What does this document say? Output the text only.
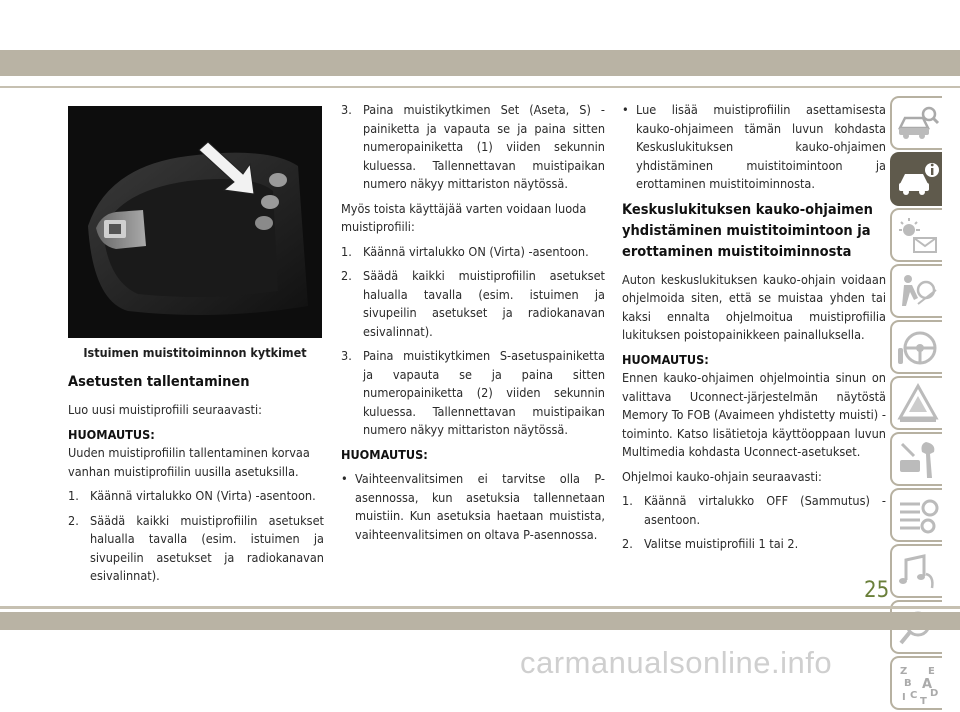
Istuimen muistitoiminnon kytkimet
Asetusten tallentaminen

Luo uusi muistiprofiili seuraavasti:

HUOMAUTUS:

Uuden muistiprofiilin tallentaminen korvaa vanhan muistiprofiilin uusilla asetuksilla.

1. Käännä virtalukko ON (Virta) -asentoon.
2. Säädä kaikki muistiprofiilin asetukset halualla tavalla (esim. istuimen ja sivupeilin asetukset ja radiokanavan esivalinnat).
3. Paina muistikytkimen Set (Aseta, S) -painiketta ja vapauta se ja paina sitten numeropainiketta (1) viiden sekunnin kuluessa. Tallennettavan muistipaikan numero näkyy mittariston näytössä.

Myös toista käyttäjää varten voidaan luoda muistiprofiili:

1. Käännä virtalukko ON (Virta) -asentoon.
2. Säädä kaikki muistiprofiilin asetukset halualla tavalla (esim. istuimen ja sivupeilin asetukset ja radiokanavan esivalinnat).
3. Paina muistikytkimen S-asetuspainiketta ja vapauta se ja paina sitten numeropainiketta (2) viiden sekunnin kuluessa. Tallennettavan muistipaikan numero näkyy mittariston näytössä.
HUOMAUTUS:
• Vaihteenvalitsimen ei tarvitse olla P-asennossa, kun asetuksia tallennetaan muistiin. Kun asetuksia haetaan muistista, vaihteenvalitsimen on oltava P-asennossa.
• Lue lisää muistiprofiilin asettamisesta kauko-ohjaimeen tämän luvun kohdasta Keskuslukituksen kauko-ohjaimen yhdistäminen muistitoimintoon ja erottaminen muistitoiminnosta.
Keskuslukituksen kauko-ohjaimen yhdistäminen muistitoimintoon ja erottaminen muistitoiminnosta

Auton keskuslukituksen kauko-ohjain voidaan ohjelmoida siten, että se muistaa yhden tai kaksi ennalta ohjelmoitua muistiprofiilia lukituksen poistopainikkeen painalluksella.

HUOMAUTUS:

Ennen kauko-ohjaimen ohjelmointia sinun on valittava Uconnect-järjestelmän näytöstä Memory To FOB (Avaimeen yhdistetty muisti) -toiminto. Katso lisätietoja käyttöoppaan luvun Multimedia kohdasta Uconnect-asetukset.

Ohjelmoi kauko-ohjain seuraavasti:

1. Käännä virtalukko OFF (Sammutus) -asentoon.
2. Valitse muistiprofiili 1 tai 2.
Z E
B A
C D
I T
25
carmanualsonline.info
